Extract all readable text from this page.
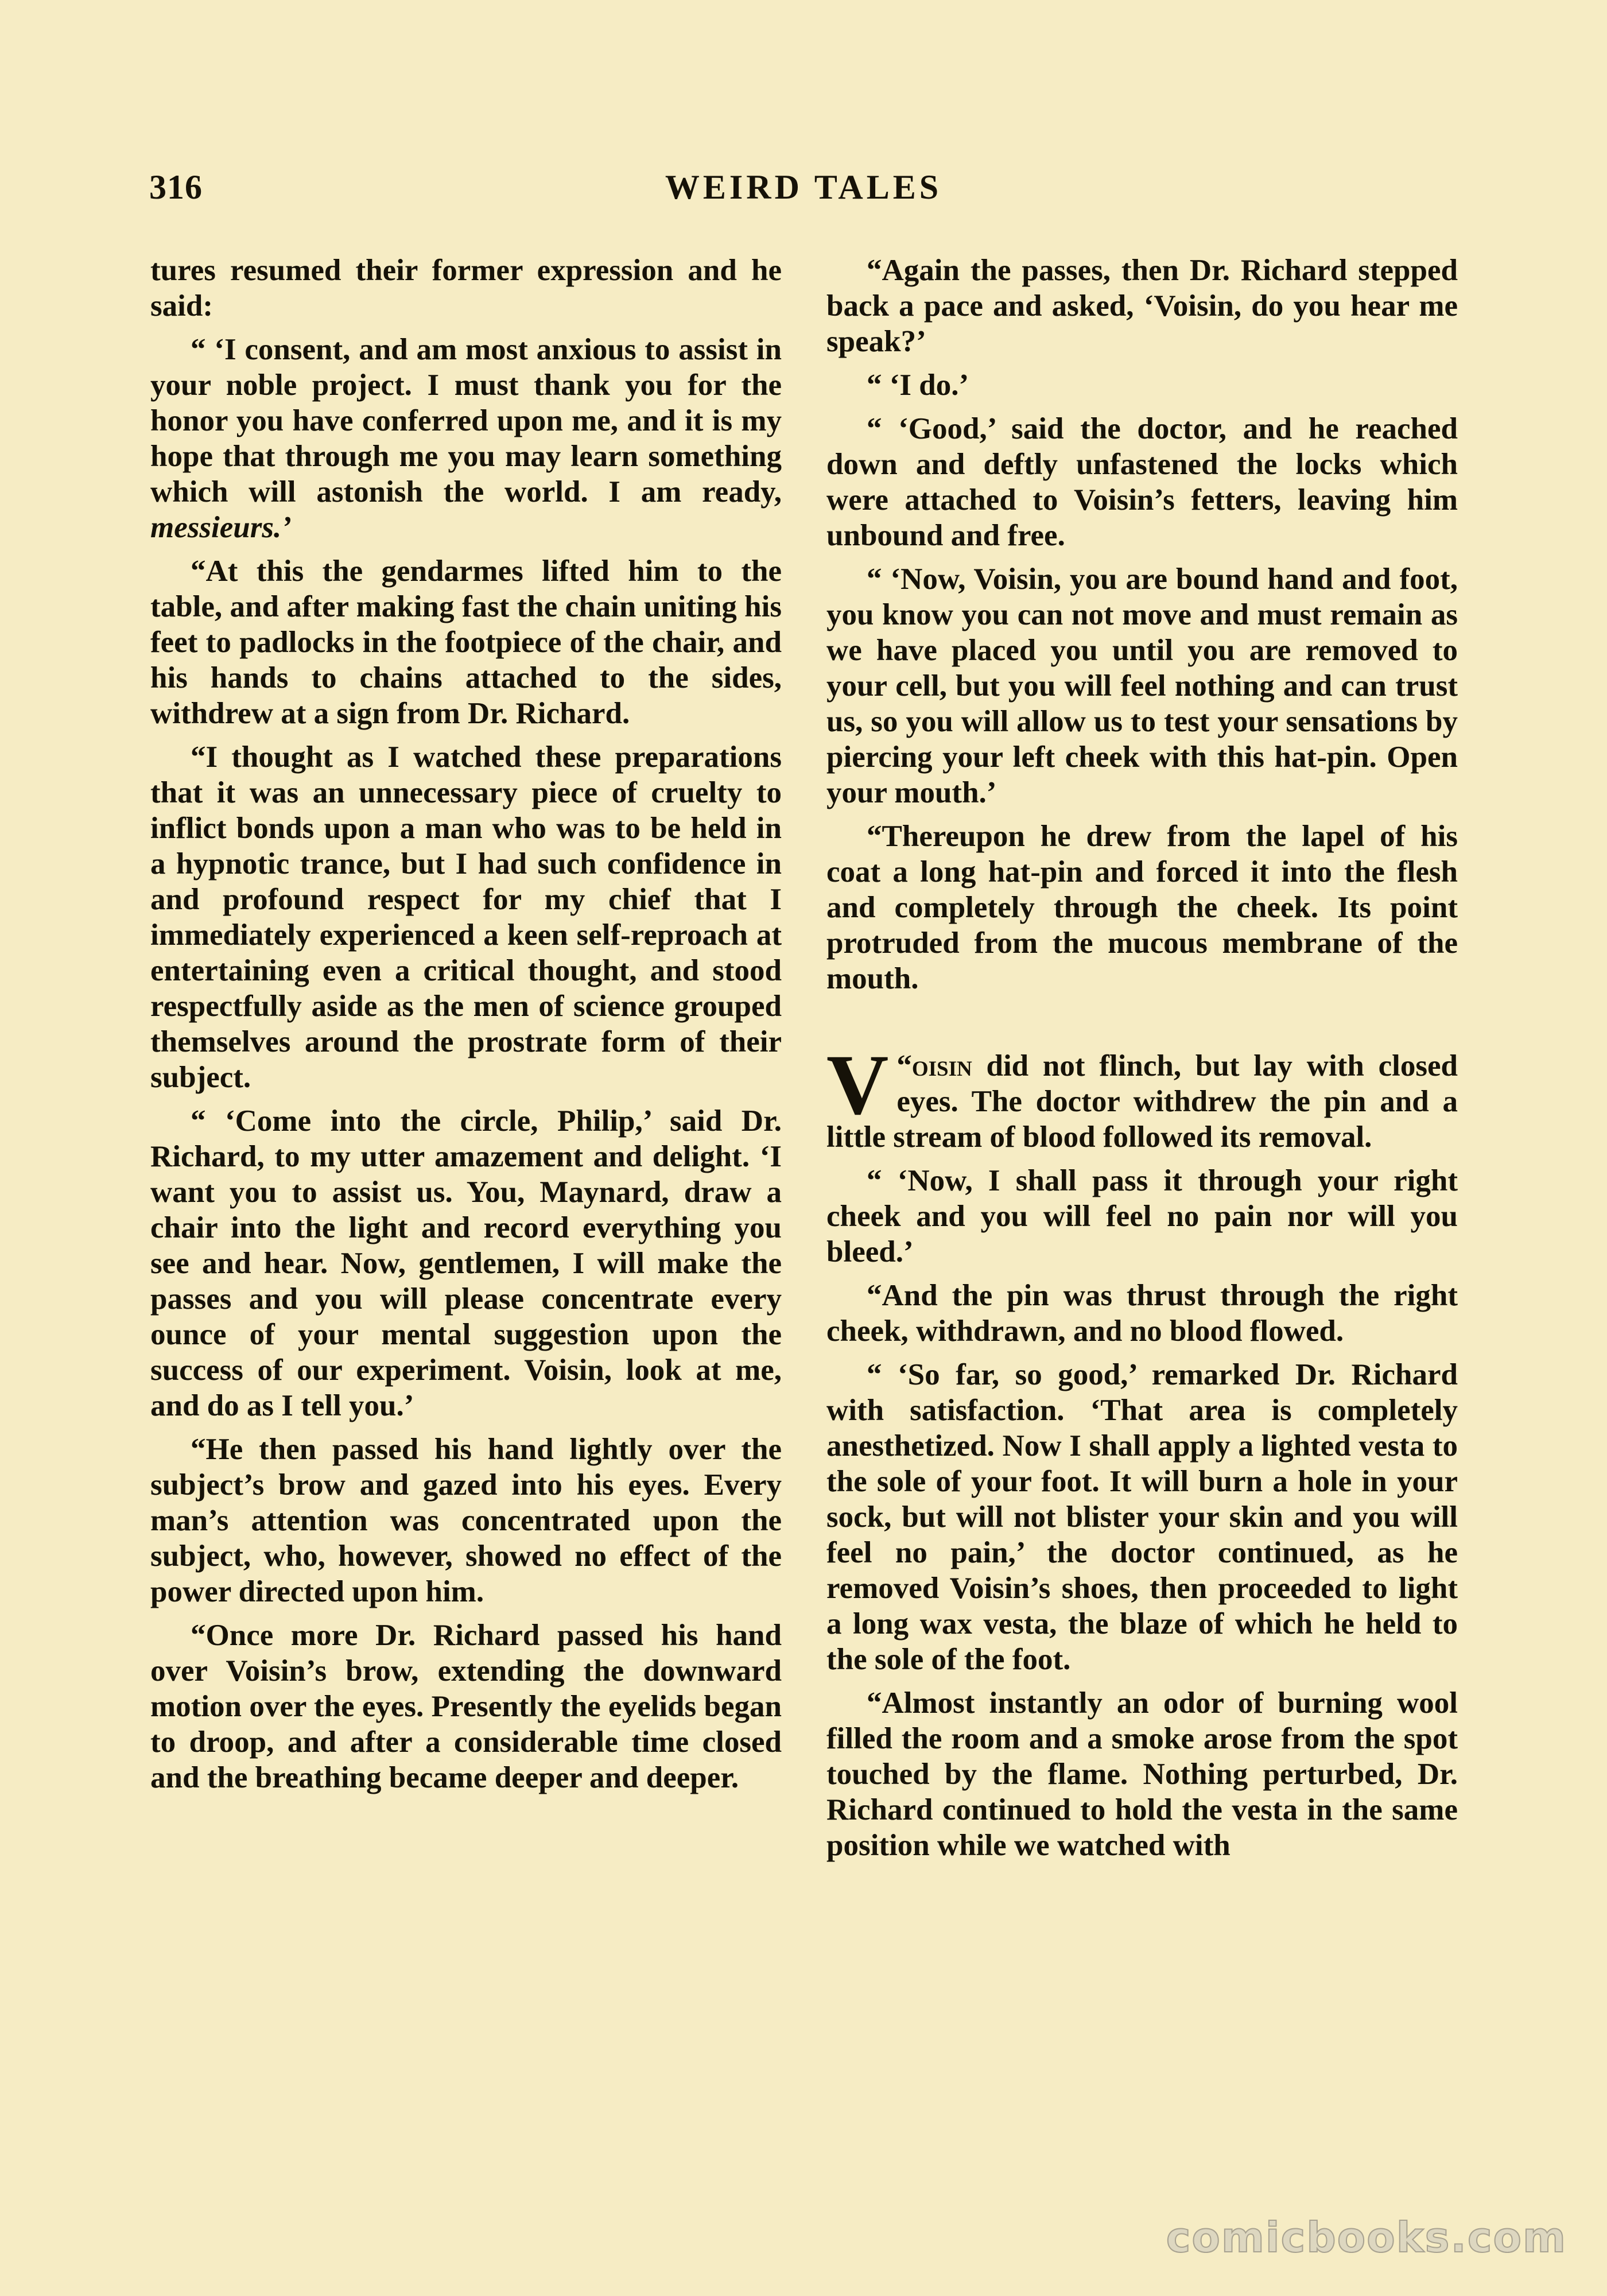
316	WEIRD TALES

tures resumed their former expression and he said:

“ ‘I consent, and am most anxious to assist in your noble project. I must thank you for the honor you have conferred upon me, and it is my hope that through me you may learn something which will astonish the world. I am ready, messieurs.’

“At this the gendarmes lifted him to the table, and after making fast the chain uniting his feet to padlocks in the footpiece of the chair, and his hands to chains attached to the sides, withdrew at a sign from Dr. Richard.

“I thought as I watched these preparations that it was an unnecessary piece of cruelty to inflict bonds upon a man who was to be held in a hypnotic trance, but I had such confidence in and profound respect for my chief that I immediately experienced a keen self-reproach at entertaining even a critical thought, and stood respectfully aside as the men of science grouped themselves around the prostrate form of their subject.

“ ‘Come into the circle, Philip,’ said Dr. Richard, to my utter amazement and delight. ‘I want you to assist us. You, Maynard, draw a chair into the light and record everything you see and hear. Now, gentlemen, I will make the passes and you will please concentrate every ounce of your mental suggestion upon the success of our experiment. Voisin, look at me, and do as I tell you.’

“He then passed his hand lightly over the subject’s brow and gazed into his eyes. Every man’s attention was concentrated upon the subject, who, however, showed no effect of the power directed upon him.

“Once more Dr. Richard passed his hand over Voisin’s brow, extending the downward motion over the eyes. Presently the eyelids began to droop, and after a considerable time closed and the breathing became deeper and deeper.

“Again the passes, then Dr. Richard stepped back a pace and asked, ‘Voisin, do you hear me speak?’

“ ‘I do.’

“ ‘Good,’ said the doctor, and he reached down and deftly unfastened the locks which were attached to Voisin’s fetters, leaving him unbound and free.

“ ‘Now, Voisin, you are bound hand and foot, you know you can not move and must remain as we have placed you until you are removed to your cell, but you will feel nothing and can trust us, so you will allow us to test your sensations by piercing your left cheek with this hat-pin. Open your mouth.’

“Thereupon he drew from the lapel of his coat a long hat-pin and forced it into the flesh and completely through the cheek. Its point protruded from the mucous membrane of the mouth.

“
V oisin did not flinch, but lay with closed eyes. The doctor withdrew the pin and a little stream of blood followed its removal.

“ ‘Now, I shall pass it through your right cheek and you will feel no pain nor will you bleed.’

“And the pin was thrust through the right cheek, withdrawn, and no blood flowed.

“ ‘So far, so good,’ remarked Dr. Richard with satisfaction. ‘That area is completely anesthetized. Now I shall apply a lighted vesta to the sole of your foot. It will burn a hole in your sock, but will not blister your skin and you will feel no pain,’ the doctor continued, as he removed Voisin’s shoes, then proceeded to light a long wax vesta, the blaze of which he held to the sole of the foot.

“Almost instantly an odor of burning wool filled the room and a smoke arose from the spot touched by the flame. Nothing perturbed, Dr. Richard continued to hold the vesta in the same position while we watched with

comicbooks.com
